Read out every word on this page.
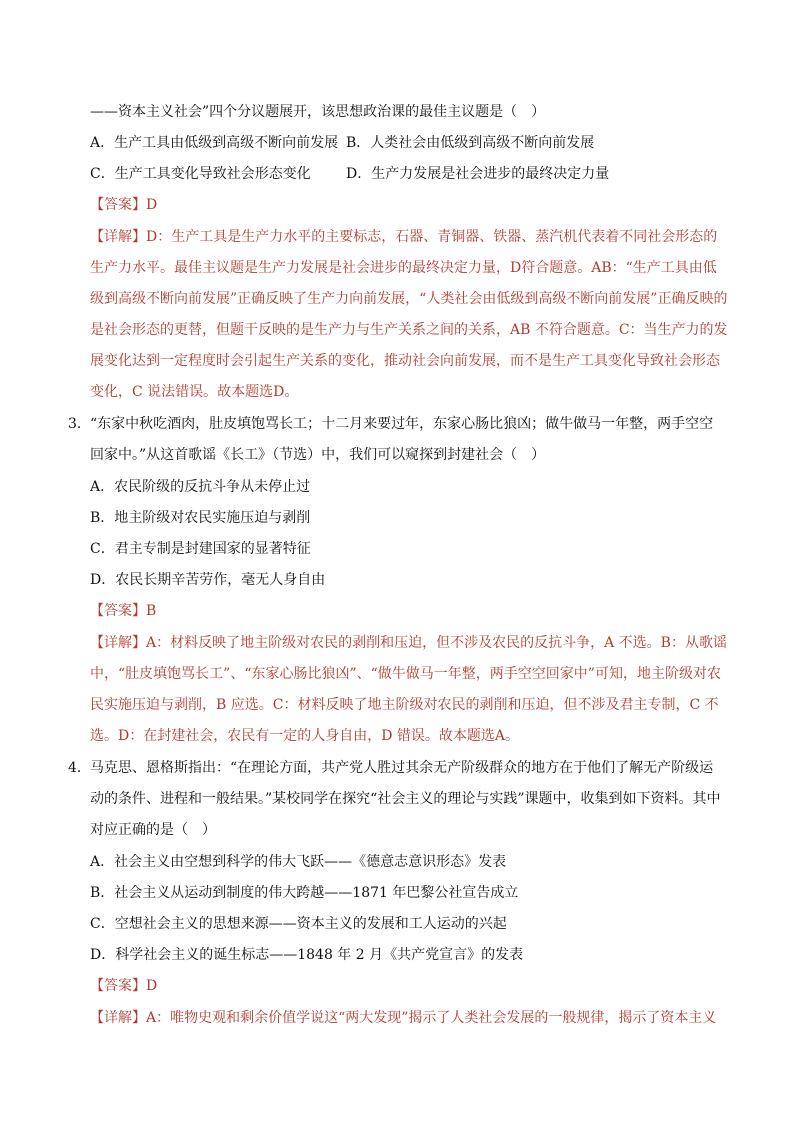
——资本主义社会”四个分议题展开，该思想政治课的最佳主议题是（　）
A．生产工具由低级到高级不断向前发展 B．人类社会由低级到高级不断向前发展
C．生产工具变化导致社会形态变化	D．生产力发展是社会进步的最终决定力量
【答案】D
【详解】D：生产工具是生产力水平的主要标志，石器、青铜器、铁器、蒸汽机代表着不同社会形态的
生产力水平。最佳主议题是生产力发展是社会进步的最终决定力量，D符合题意。AB：“生产工具由低
级到高级不断向前发展”正确反映了生产力向前发展，“人类社会由低级到高级不断向前发展”正确反映的
是社会形态的更替，但题干反映的是生产力与生产关系之间的关系，AB 不符合题意。C：当生产力的发
展变化达到一定程度时会引起生产关系的变化，推动社会向前发展，而不是生产工具变化导致社会形态
变化，C 说法错误。故本题选D。
3．“东家中秋吃酒肉，肚皮填饱骂长工；十二月来要过年，东家心肠比狼凶；做牛做马一年整，两手空空
回家中。”从这首歌谣《长工》（节选）中，我们可以窥探到封建社会（　）
A．农民阶级的反抗斗争从未停止过
B．地主阶级对农民实施压迫与剥削
C．君主专制是封建国家的显著特征
D．农民长期辛苦劳作，毫无人身自由
【答案】B
【详解】A：材料反映了地主阶级对农民的剥削和压迫，但不涉及农民的反抗斗争，A 不选。B：从歌谣
中，“肚皮填饱骂长工”、“东家心肠比狼凶”、“做牛做马一年整，两手空空回家中”可知，地主阶级对农
民实施压迫与剥削，B 应选。C：材料反映了地主阶级对农民的剥削和压迫，但不涉及君主专制，C 不
选。D：在封建社会，农民有一定的人身自由，D 错误。故本题选A。
4．马克思、恩格斯指出：“在理论方面，共产党人胜过其余无产阶级群众的地方在于他们了解无产阶级运
动的条件、进程和一般结果。”某校同学在探究“社会主义的理论与实践”课题中，收集到如下资料。其中
对应正确的是（　）
A．社会主义由空想到科学的伟大飞跃——《德意志意识形态》发表
B．社会主义从运动到制度的伟大跨越——1871 年巴黎公社宣告成立
C．空想社会主义的思想来源——资本主义的发展和工人运动的兴起
D．科学社会主义的诞生标志——1848 年 2 月《共产党宣言》的发表
【答案】D
【详解】A：唯物史观和剩余价值学说这“两大发现”揭示了人类社会发展的一般规律，揭示了资本主义
